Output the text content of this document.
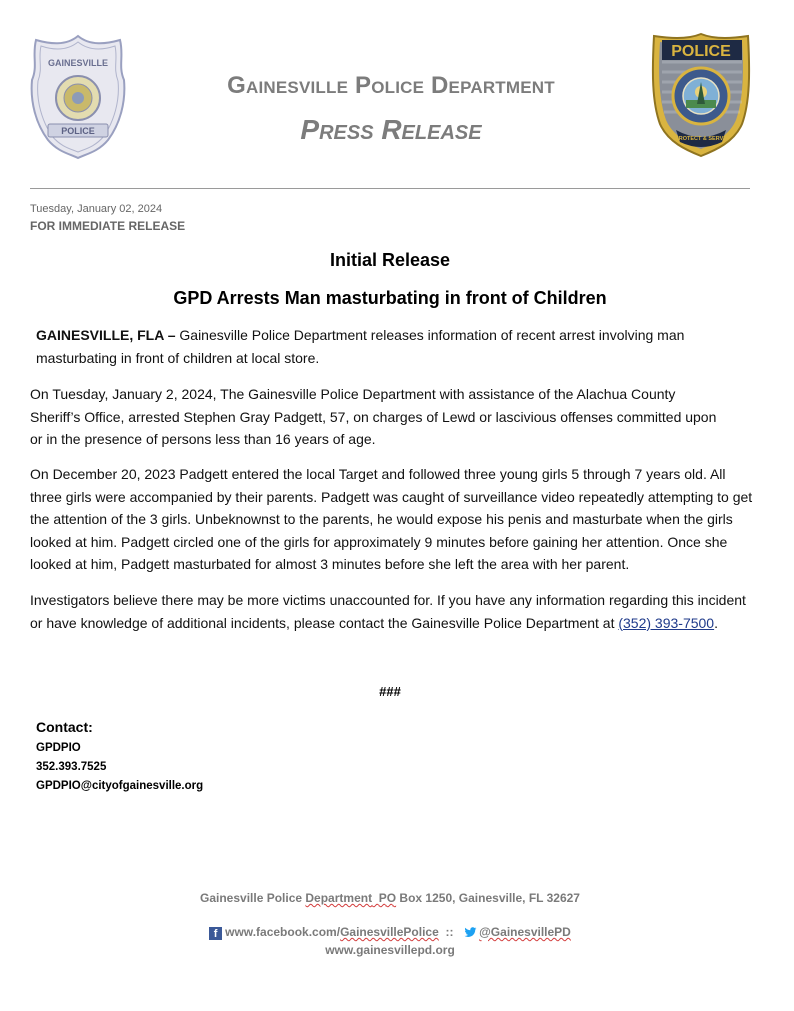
GAINESVILLE
POLICE
Gainesville Police Department
Press Release
POLICE
PROTECT & SERVE
Tuesday, January 02, 2024
FOR IMMEDIATE RELEASE
Initial Release
GPD Arrests Man masturbating in front of Children
GAINESVILLE, FLA – Gainesville Police Department releases information of recent arrest involving man
masturbating in front of children at local store.
On Tuesday, January 2, 2024, The Gainesville Police Department with assistance of the Alachua County
Sheriff’s Office, arrested Stephen Gray Padgett, 57, on charges of Lewd or lascivious offenses committed upon
or in the presence of persons less than 16 years of age.
On December 20, 2023 Padgett entered the local Target and followed three young girls 5 through 7 years old. All
three girls were accompanied by their parents. Padgett was caught of surveillance video repeatedly attempting to get
the attention of the 3 girls. Unbeknownst to the parents, he would expose his penis and masturbate when the girls
looked at him. Padgett circled one of the girls for approximately 9 minutes before gaining her attention. Once she
looked at him, Padgett masturbated for almost 3 minutes before she left the area with her parent.
Investigators believe there may be more victims unaccounted for. If you have any information regarding this incident
or have knowledge of additional incidents, please contact the Gainesville Police Department at (352) 393-7500.
###
Contact:
GPDPIO
352.393.7525
GPDPIO@cityofgainesville.org
Gainesville Police Department PO Box 1250, Gainesville, FL 32627
f www.facebook.com/GainesvillePolice  ::  @GainesvillePD
www.gainesvillepd.org
